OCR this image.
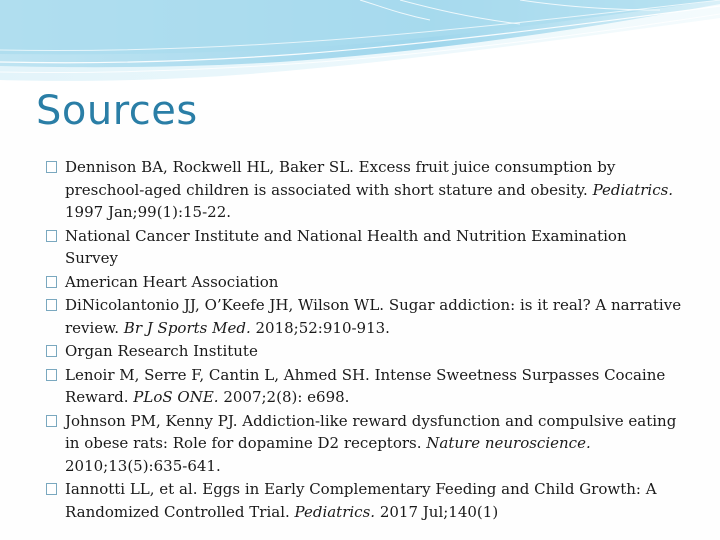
Sources
Dennison BA, Rockwell HL, Baker SL. Excess fruit juice consumption by preschool-aged children is associated with short stature and obesity. Pediatrics. 1997 Jan;99(1):15-22.
National Cancer Institute and National Health and Nutrition Examination Survey
American Heart Association
DiNicolantonio JJ, O’Keefe JH, Wilson WL. Sugar addiction: is it real? A narrative review. Br J Sports Med. 2018;52:910-913.
Organ Research Institute
Lenoir M, Serre F, Cantin L, Ahmed SH. Intense Sweetness Surpasses Cocaine Reward. PLoS ONE. 2007;2(8): e698.
Johnson PM, Kenny PJ. Addiction-like reward dysfunction and compulsive eating in obese rats: Role for dopamine D2 receptors. Nature neuroscience. 2010;13(5):635-641.
Iannotti LL, et al. Eggs in Early Complementary Feeding and Child Growth: A Randomized Controlled Trial. Pediatrics. 2017 Jul;140(1)
